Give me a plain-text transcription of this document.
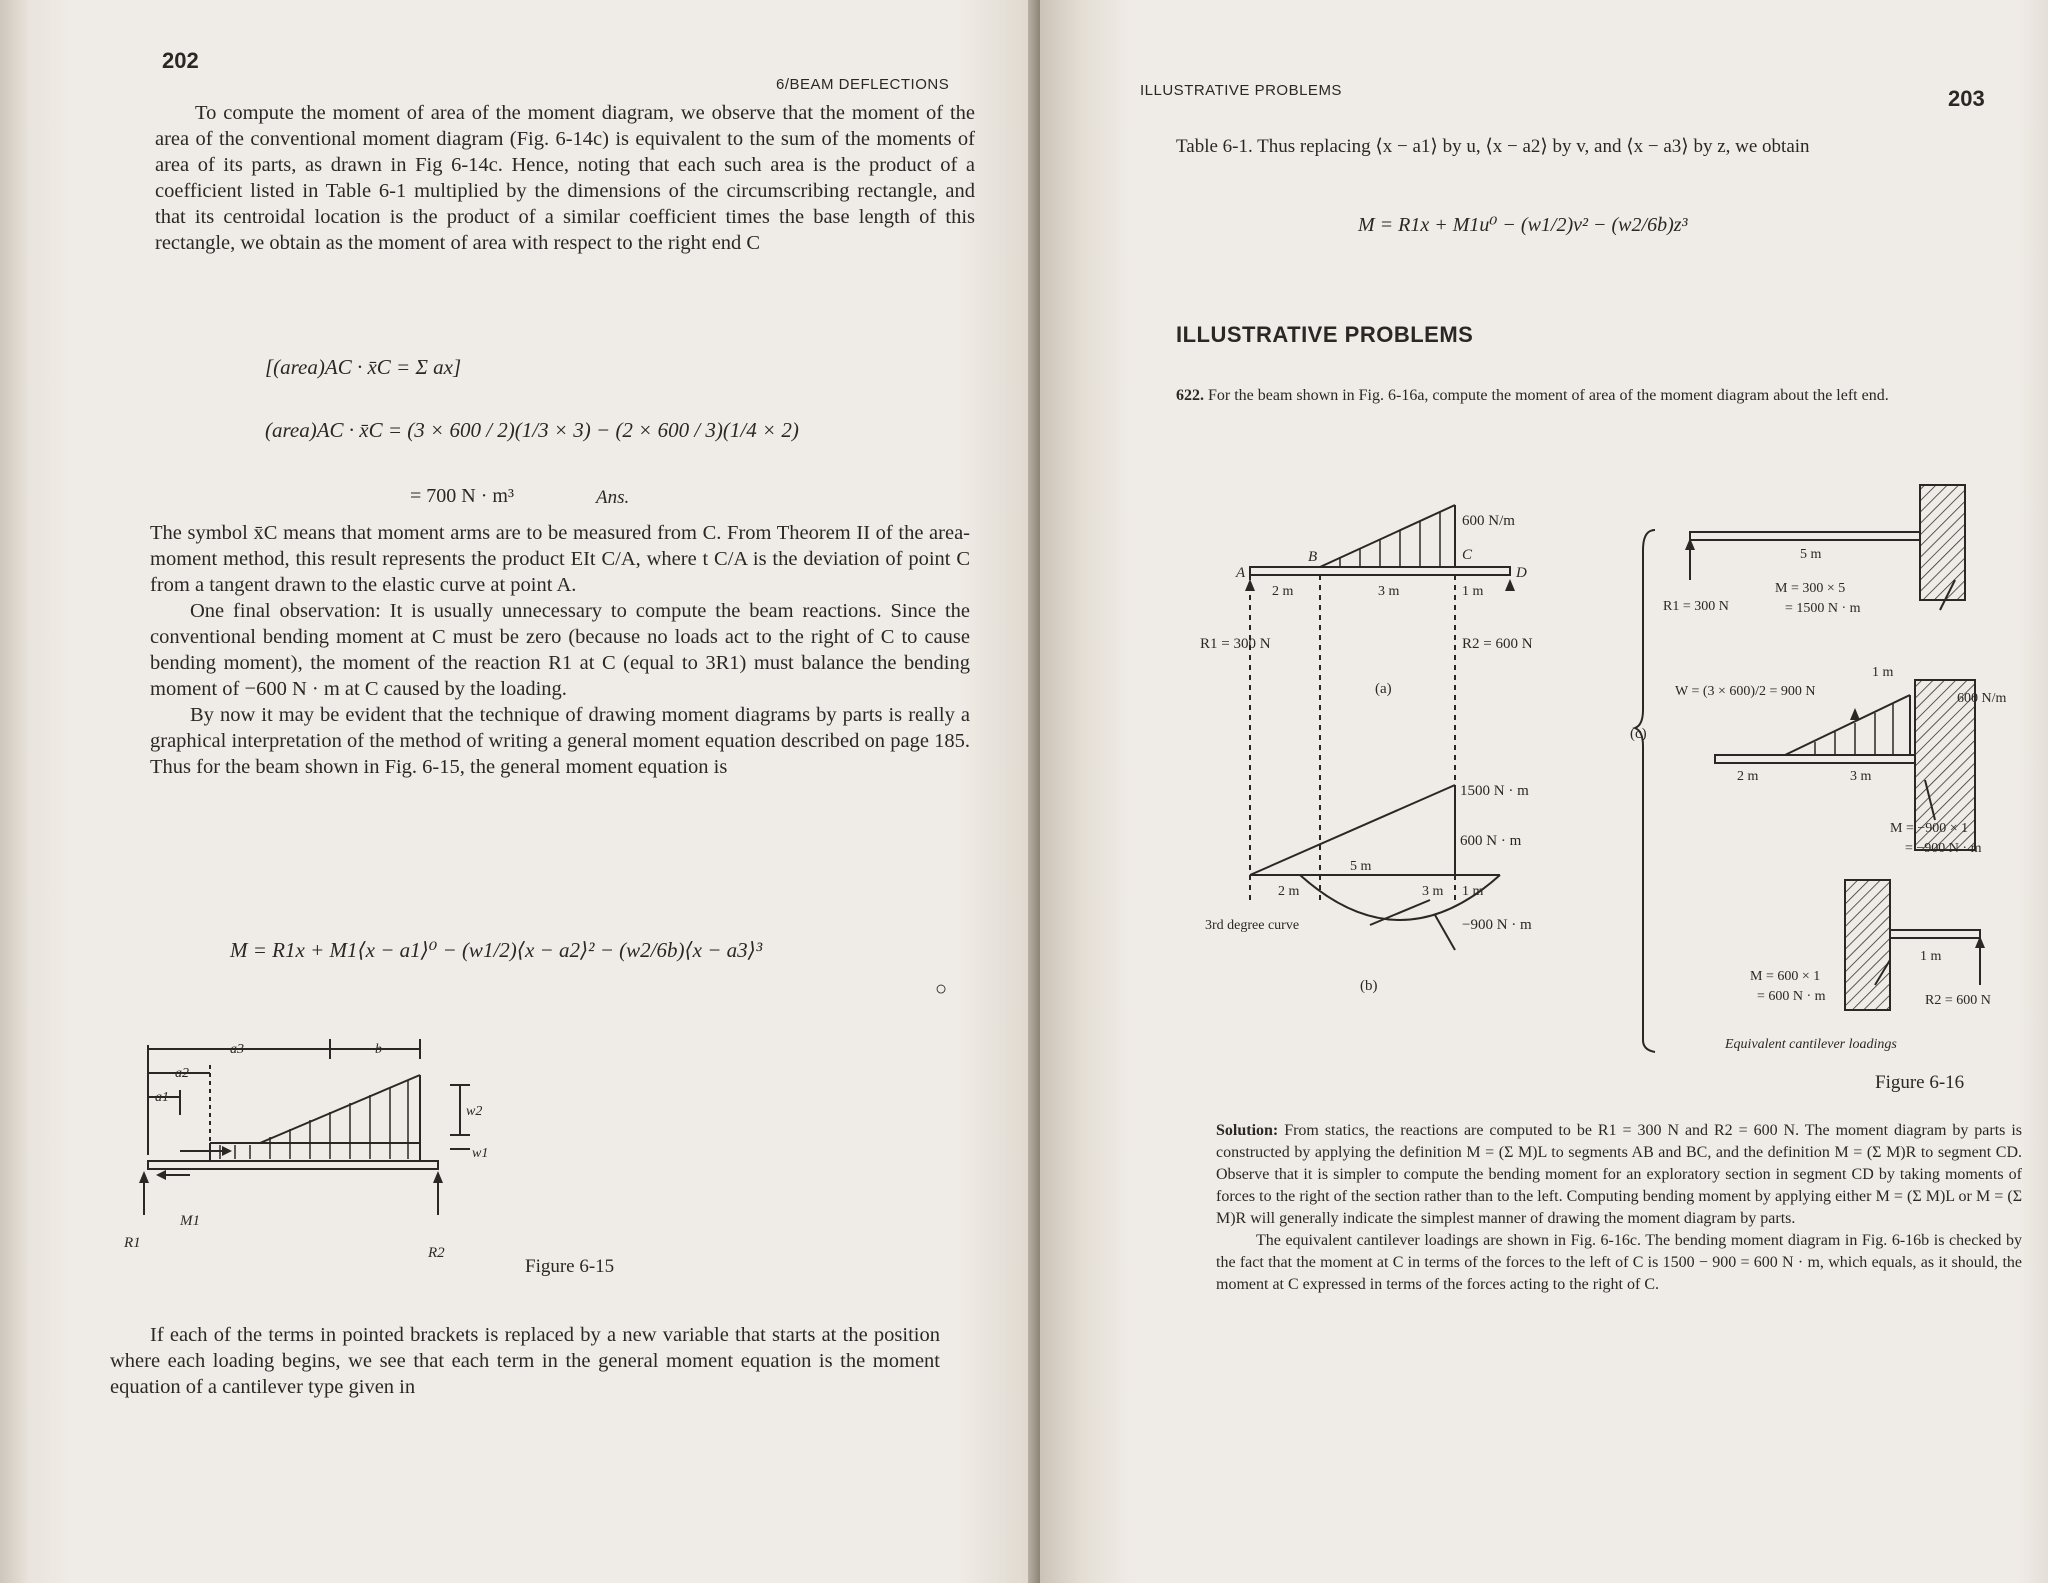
202
6/BEAM DEFLECTIONS

To compute the moment of area of the moment diagram, we observe that the moment of the area of the conventional moment diagram (Fig. 6-14c) is equivalent to the sum of the moments of area of its parts, as drawn in Fig 6-14c. Hence, noting that each such area is the product of a coefficient listed in Table 6-1 multiplied by the dimensions of the circumscribing rectangle, and that its centroidal location is the product of a similar coefficient times the base length of this rectangle, we obtain as the moment of area with respect to the right end C

[(area)AC · x̄C = Σ ax]
(area)AC · x̄C = (3 × 600 / 2)(1/3 × 3) − (2 × 600 / 3)(1/4 × 2)
= 700 N · m³	Ans.

The symbol x̄C means that moment arms are to be measured from C. From Theorem II of the area-moment method, this result represents the product EIt C/A, where t C/A is the deviation of point C from a tangent drawn to the elastic curve at point A.

One final observation: It is usually unnecessary to compute the beam reactions. Since the conventional bending moment at C must be zero (because no loads act to the right of C to cause bending moment), the moment of the reaction R1 at C (equal to 3R1) must balance the bending moment of −600 N · m at C caused by the loading.

By now it may be evident that the technique of drawing moment diagrams by parts is really a graphical interpretation of the method of writing a general moment equation described on page 185. Thus for the beam shown in Fig. 6-15, the general moment equation is

M = R1x + M1⟨x − a1⟩⁰ − (w1/2)⟨x − a2⟩² − (w2/6b)⟨x − a3⟩³
○
a3	b
a2
a1
w2
w1
M1
R1
R2
Figure 6-15

If each of the terms in pointed brackets is replaced by a new variable that starts at the position where each loading begins, we see that each term in the general moment equation is the moment equation of a cantilever type given in

ILLUSTRATIVE PROBLEMS	203

Table 6-1. Thus replacing ⟨x − a1⟩ by u, ⟨x − a2⟩ by v, and ⟨x − a3⟩ by z, we obtain

M = R1x + M1u⁰ − (w1/2)v² − (w2/6b)z³
ILLUSTRATIVE PROBLEMS
622. For the beam shown in Fig. 6-16a, compute the moment of area of the moment diagram about the left end.
600 N/m
B	C
A	D
2 m	3 m	1 m
R1 = 300 N	R2 = 600 N
(a)
1500 N · m
600 N · m
5 m
2 m	3 m 1 m
3rd degree curve	−900 N · m
(b)
5 m
M = 300 × 5
= 1500 N · m
R1 = 300 N
(c)
W = (3 × 600)/2 = 900 N
1 m
600 N/m
2 m	3 m
M = −900 × 1
= −900 N · m
1 m
M = 600 × 1
= 600 N · m	R2 = 600 N
Equivalent cantilever loadings
Figure 6-16

Solution: From statics, the reactions are computed to be R1 = 300 N and R2 = 600 N. The moment diagram by parts is constructed by applying the definition M = (Σ M)L to segments AB and BC, and the definition M = (Σ M)R to segment CD. Observe that it is simpler to compute the bending moment for an exploratory section in segment CD by taking moments of forces to the right of the section rather than to the left. Computing bending moment by applying either M = (Σ M)L or M = (Σ M)R will generally indicate the simplest manner of drawing the moment diagram by parts.

The equivalent cantilever loadings are shown in Fig. 6-16c. The bending moment diagram in Fig. 6-16b is checked by the fact that the moment at C in terms of the forces to the left of C is 1500 − 900 = 600 N · m, which equals, as it should, the moment at C expressed in terms of the forces acting to the right of C.
